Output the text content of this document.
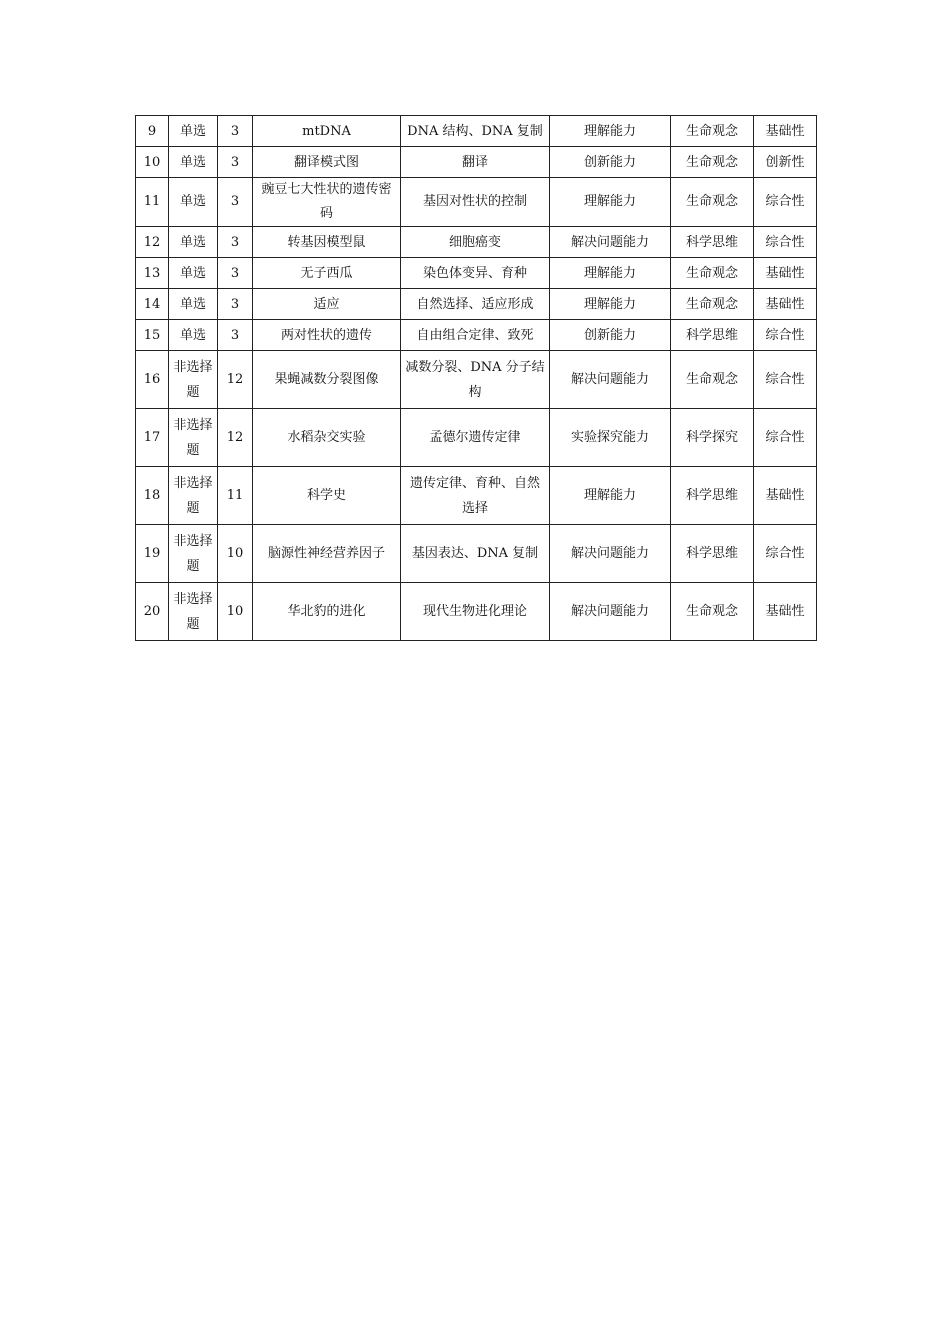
9	单选	3	mtDNA	DNA 结构、DNA 复制	理解能力	生命观念	基础性
10	单选	3	翻译模式图	翻译	创新能力	生命观念	创新性
11	单选	3	豌豆七大性状的遗传密码	基因对性状的控制	理解能力	生命观念	综合性
12	单选	3	转基因模型鼠	细胞癌变	解决问题能力	科学思维	综合性
13	单选	3	无子西瓜	染色体变异、育种	理解能力	生命观念	基础性
14	单选	3	适应	自然选择、适应形成	理解能力	生命观念	基础性
15	单选	3	两对性状的遗传	自由组合定律、致死	创新能力	科学思维	综合性
16	非选择题	12	果蝇减数分裂图像	减数分裂、DNA 分子结构	解决问题能力	生命观念	综合性
17	非选择题	12	水稻杂交实验	孟德尔遗传定律	实验探究能力	科学探究	综合性
18	非选择题	11	科学史	遗传定律、育种、自然选择	理解能力	科学思维	基础性
19	非选择题	10	脑源性神经营养因子	基因表达、DNA 复制	解决问题能力	科学思维	综合性
20	非选择题	10	华北豹的进化	现代生物进化理论	解决问题能力	生命观念	基础性
